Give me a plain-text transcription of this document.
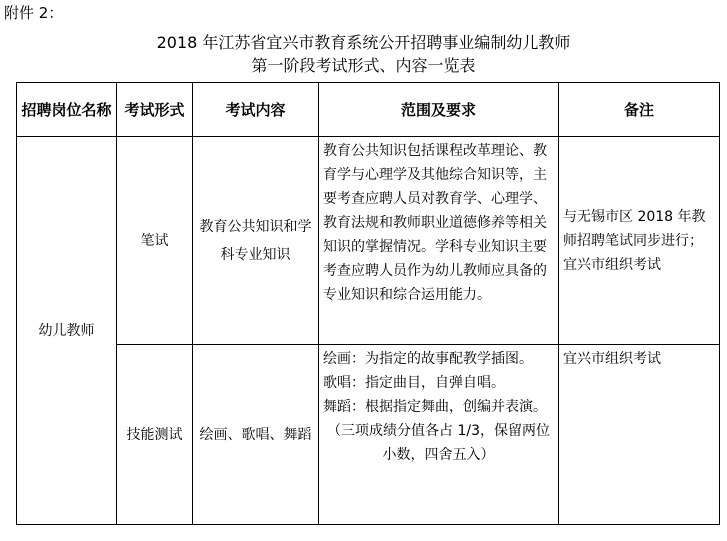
附件 2：
2018 年江苏省宜兴市教育系统公开招聘事业编制幼儿教师
第一阶段考试形式、内容一览表
招聘岗位名称	考试形式	考试内容	范围及要求	备注
幼儿教师	笔试	教育公共知识和学科专业知识	教育公共知识包括课程改革理论、教育学与心理学及其他综合知识等，主要考查应聘人员对教育学、心理学、教育法规和教师职业道德修养等相关知识的掌握情况。学科专业知识主要考查应聘人员作为幼儿教师应具备的专业知识和综合运用能力。	与无锡市区 2018 年教师招聘笔试同步进行；宜兴市组织考试
	技能测试	绘画、歌唱、舞蹈	绘画：为指定的故事配教学插图。
歌唱：指定曲目，自弹自唱。
舞蹈：根据指定舞曲，创编并表演。
（三项成绩分值各占 1/3，保留两位小数，四舍五入）	宜兴市组织考试
